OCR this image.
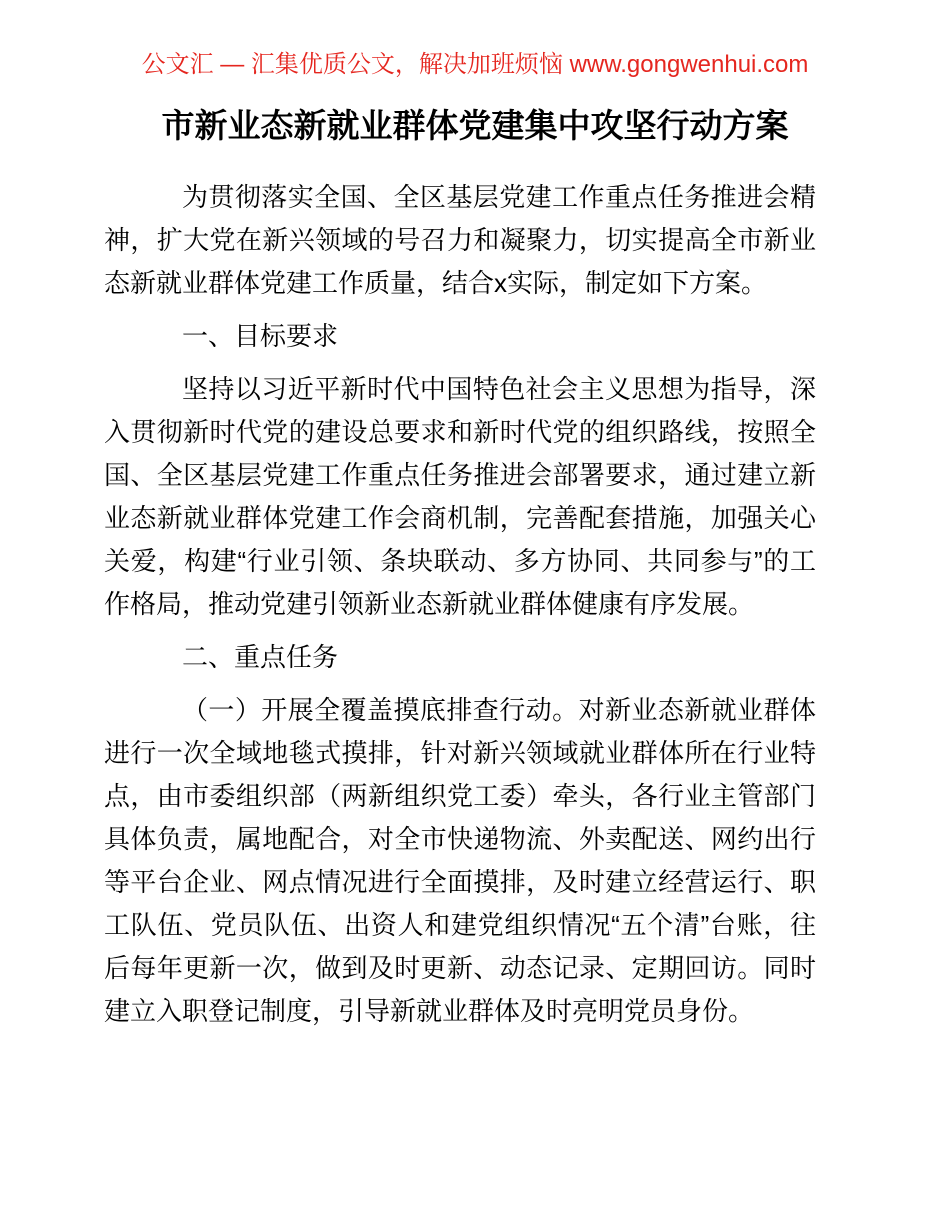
公文汇 — 汇集优质公文，解决加班烦恼 www.gongwenhui.com
市新业态新就业群体党建集中攻坚行动方案

为贯彻落实全国、全区基层党建工作重点任务推进会精神，扩大党在新兴领域的号召力和凝聚力，切实提高全市新业态新就业群体党建工作质量，结合x实际，制定如下方案。

一、目标要求

坚持以习近平新时代中国特色社会主义思想为指导，深入贯彻新时代党的建设总要求和新时代党的组织路线，按照全国、全区基层党建工作重点任务推进会部署要求，通过建立新业态新就业群体党建工作会商机制，完善配套措施，加强关心关爱，构建“行业引领、条块联动、多方协同、共同参与”的工作格局，推动党建引领新业态新就业群体健康有序发展。

二、重点任务

（一）开展全覆盖摸底排查行动。对新业态新就业群体进行一次全域地毯式摸排，针对新兴领域就业群体所在行业特点，由市委组织部（两新组织党工委）牵头，各行业主管部门具体负责，属地配合，对全市快递物流、外卖配送、网约出行等平台企业、网点情况进行全面摸排，及时建立经营运行、职工队伍、党员队伍、出资人和建党组织情况“五个清”台账，往后每年更新一次，做到及时更新、动态记录、定期回访。同时建立入职登记制度，引导新就业群体及时亮明党员身份。
